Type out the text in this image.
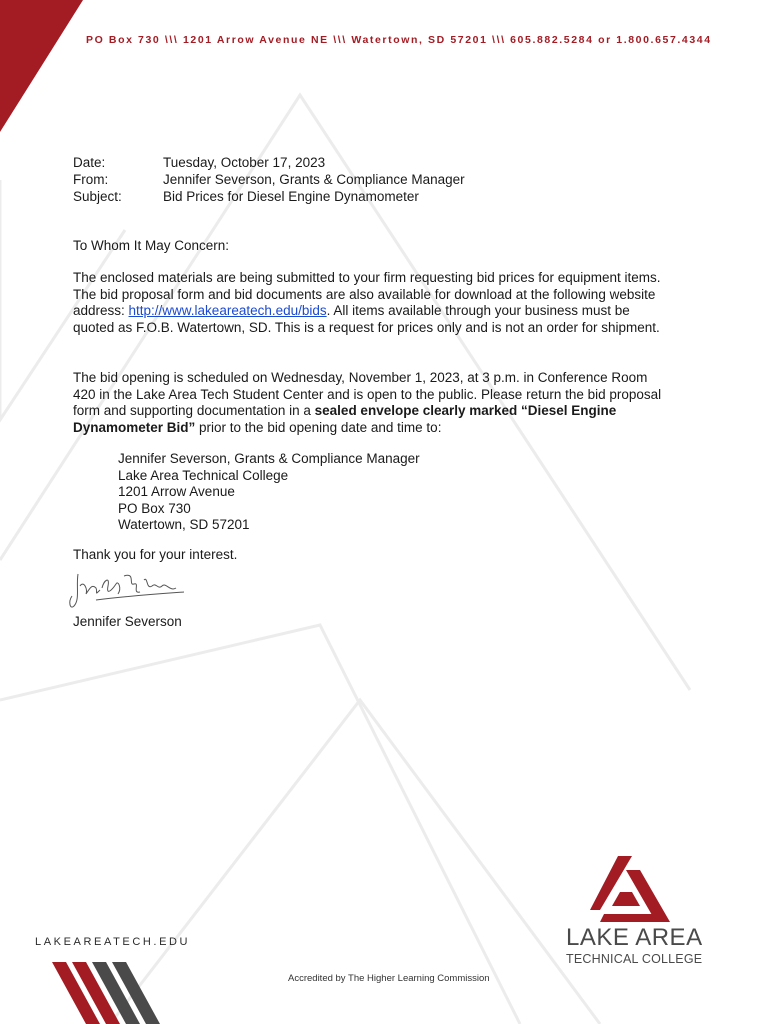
PO Box 730 \\\ 1201 Arrow Avenue NE \\\ Watertown, SD 57201 \\\ 605.882.5284 or 1.800.657.4344
Date:	Tuesday, October 17, 2023
From:	Jennifer Severson, Grants & Compliance Manager
Subject:	Bid Prices for Diesel Engine Dynamometer
To Whom It May Concern:
The enclosed materials are being submitted to your firm requesting bid prices for equipment items. The bid proposal form and bid documents are also available for download at the following website address: http://www.lakeareatech.edu/bids. All items available through your business must be quoted as F.O.B. Watertown, SD. This is a request for prices only and is not an order for shipment.
The bid opening is scheduled on Wednesday, November 1, 2023, at 3 p.m. in Conference Room 420 in the Lake Area Tech Student Center and is open to the public. Please return the bid proposal form and supporting documentation in a sealed envelope clearly marked “Diesel Engine Dynamometer Bid” prior to the bid opening date and time to:
Jennifer Severson, Grants & Compliance Manager
Lake Area Technical College
1201 Arrow Avenue
PO Box 730
Watertown, SD 57201
Thank you for your interest.
Jennifer Severson
LAKEAREATECH.EDU	LAKE AREA
TECHNICAL COLLEGE
Accredited by The Higher Learning Commission
